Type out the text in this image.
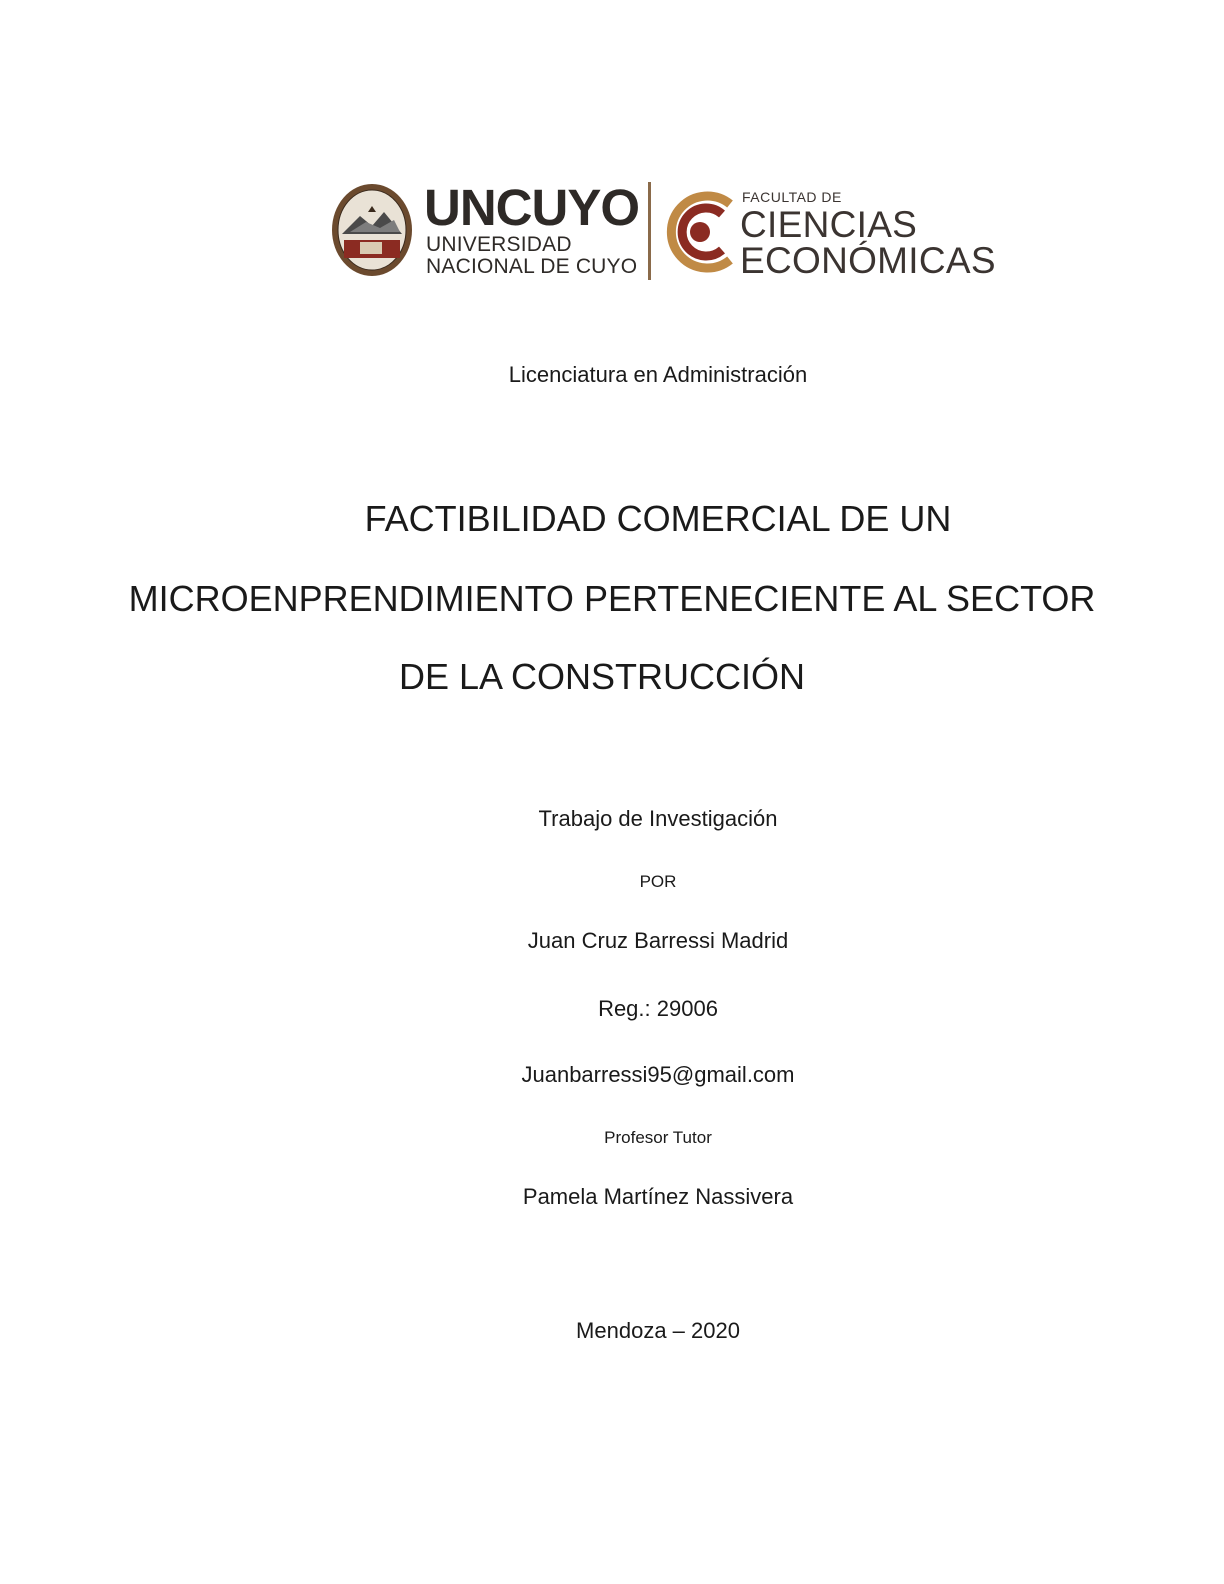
UNCUYO
UNIVERSIDAD
NACIONAL DE CUYO
FACULTAD DE
CIENCIAS
ECONÓMICAS
Licenciatura en Administración
FACTIBILIDAD COMERCIAL DE UN
MICROENPRENDIMIENTO PERTENECIENTE AL SECTOR
DE LA CONSTRUCCIÓN
Trabajo de Investigación
POR
Juan Cruz Barressi Madrid
Reg.: 29006
Juanbarressi95@gmail.com
Profesor Tutor
Pamela Martínez Nassivera
Mendoza – 2020
